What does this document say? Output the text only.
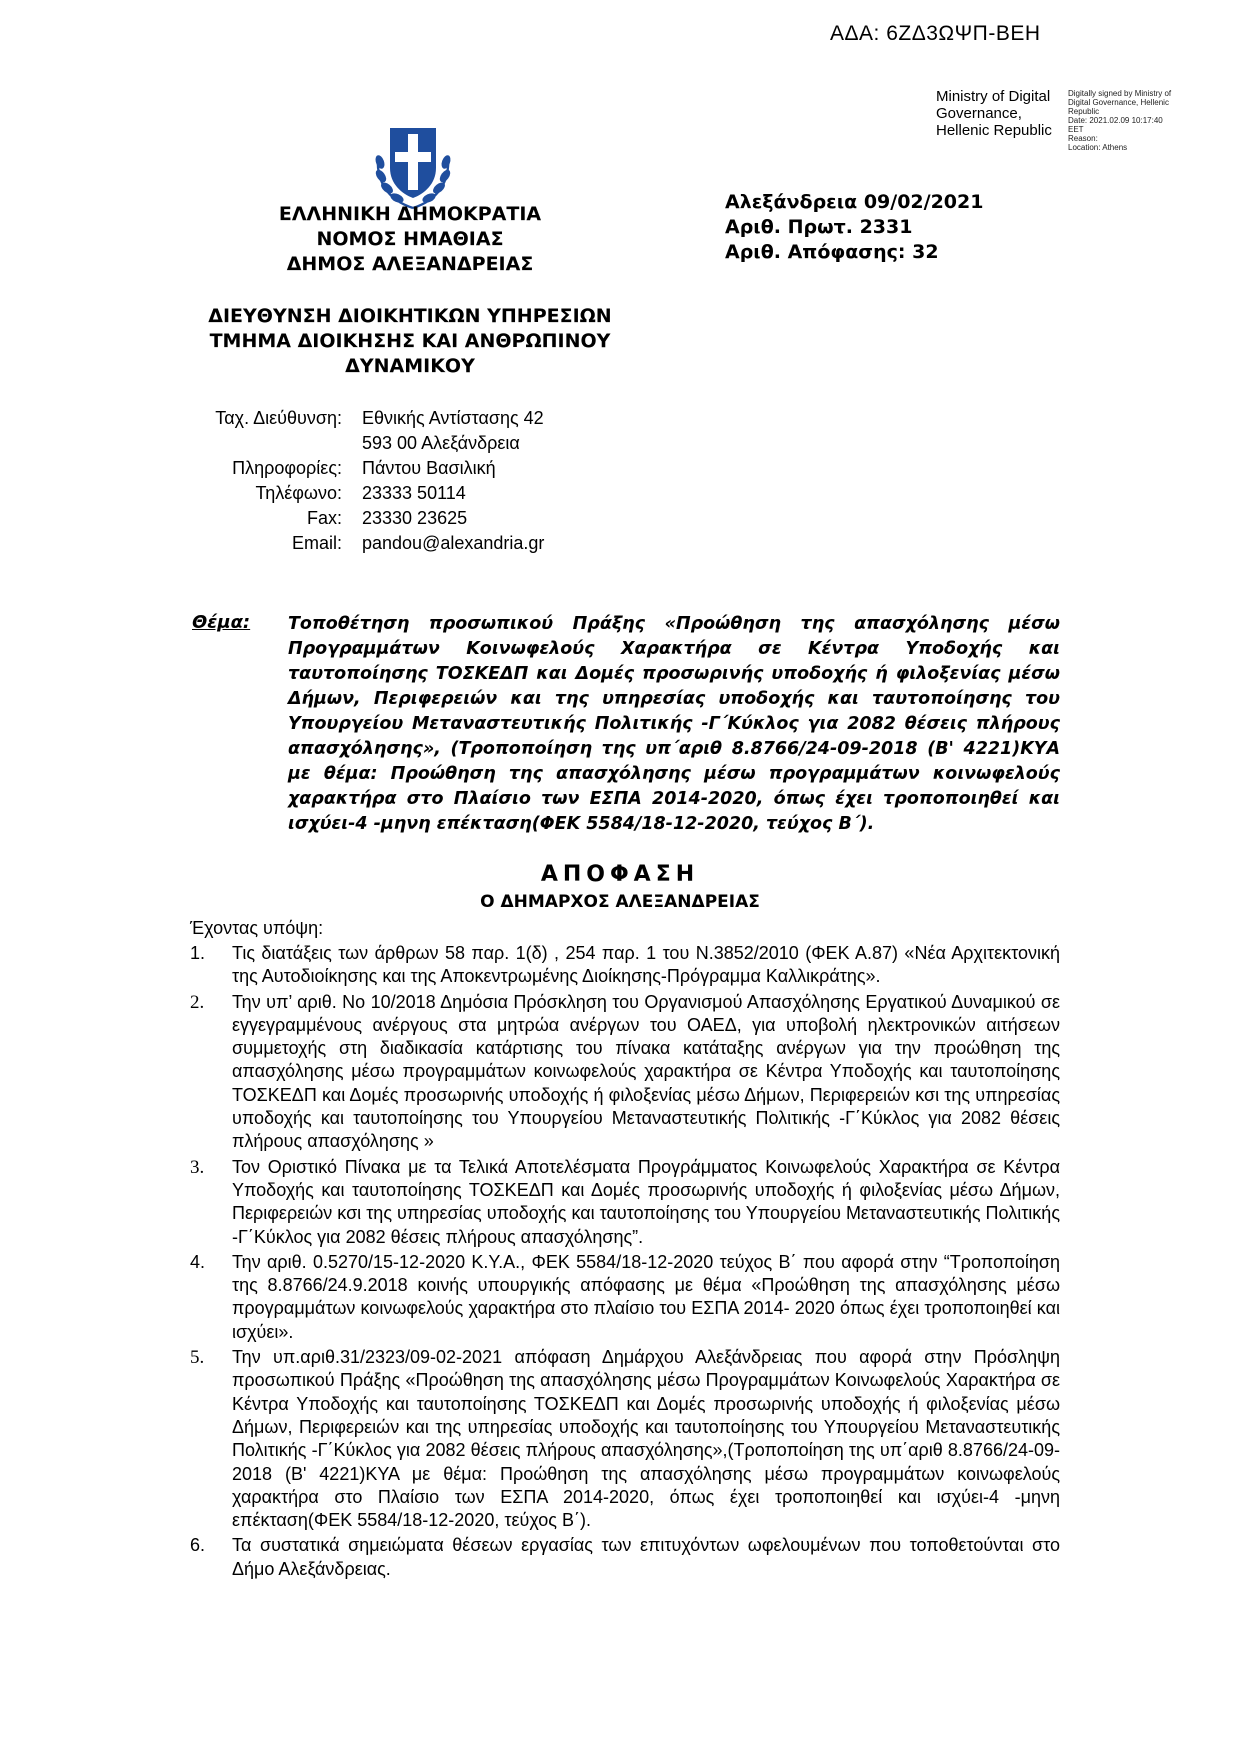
ΑΔΑ: 6ΖΔ3ΩΨΠ-ΒΕΗ
Ministry of Digital
Governance,
Hellenic Republic
Digitally signed by Ministry of
Digital Governance, Hellenic
Republic
Date: 2021.02.09 10:17:40
EET
Reason:
Location: Athens
ΕΛΛΗΝΙΚΗ ΔΗΜΟΚΡΑΤΙΑ
ΝΟΜΟΣ ΗΜΑΘΙΑΣ
ΔΗΜΟΣ ΑΛΕΞΑΝΔΡΕΙΑΣ
ΔΙΕΥΘΥΝΣΗ ΔΙΟΙΚΗΤΙΚΩΝ ΥΠΗΡΕΣΙΩΝ
ΤΜΗΜΑ ΔΙΟΙΚΗΣΗΣ ΚΑΙ ΑΝΘΡΩΠΙΝΟΥ
ΔΥΝΑΜΙΚΟΥ
Αλεξάνδρεια 09/02/2021
Αριθ. Πρωτ. 2331
Αριθ. Απόφασης: 32
Ταχ. Διεύθυνση:	Εθνικής Αντίστασης 42
593 00 Αλεξάνδρεια
Πληροφορίες:	Πάντου Βασιλική
Τηλέφωνο:	23333 50114
Fax:	23330 23625
Email:	pandou@alexandria.gr
Θέμα: Τοποθέτηση προσωπικού Πράξης «Προώθηση της απασχόλησης μέσω Προγραμμάτων Κοινωφελούς Χαρακτήρα σε Κέντρα Υποδοχής και ταυτοποίησης ΤΟΣΚΕΔΠ και Δομές προσωρινής υποδοχής ή φιλοξενίας μέσω Δήμων, Περιφερειών και της υπηρεσίας υποδοχής και ταυτοποίησης του Υπουργείου Μεταναστευτικής Πολιτικής -Γ΄Κύκλος για 2082 θέσεις πλήρους απασχόλησης», (Τροποποίηση της υπ΄αριθ 8.8766/24-09-2018 (Β' 4221)ΚΥΑ με θέμα: Προώθηση της απασχόλησης μέσω προγραμμάτων κοινωφελούς χαρακτήρα στο Πλαίσιο των ΕΣΠΑ 2014-2020, όπως έχει τροποποιηθεί και ισχύει-4 -μηνη επέκταση(ΦΕΚ 5584/18-12-2020, τεύχος Β΄).
ΑΠΟΦΑΣΗ
Ο ΔΗΜΑΡΧΟΣ ΑΛΕΞΑΝΔΡΕΙΑΣ
Έχοντας υπόψη:
1.	Τις διατάξεις των άρθρων 58 παρ. 1(δ) , 254 παρ. 1 του Ν.3852/2010 (ΦΕΚ Α.87) «Νέα Αρχιτεκτονική της Αυτοδιοίκησης και της Αποκεντρωμένης Διοίκησης-Πρόγραμμα Καλλικράτης».
2.	Την υπ’ αριθ. Νο 10/2018 Δημόσια Πρόσκληση του Οργανισμού Απασχόλησης Εργατικού Δυναμικού σε εγγεγραμμένους ανέργους στα μητρώα ανέργων του ΟΑΕΔ, για υποβολή ηλεκτρονικών αιτήσεων συμμετοχής στη διαδικασία κατάρτισης του πίνακα κατάταξης ανέργων για την προώθηση της απασχόλησης μέσω προγραμμάτων κοινωφελούς χαρακτήρα σε Κέντρα Υποδοχής και ταυτοποίησης ΤΟΣΚΕΔΠ και Δομές προσωρινής υποδοχής ή φιλοξενίας μέσω Δήμων, Περιφερειών κσι της υπηρεσίας υποδοχής και ταυτοποίησης του Υπουργείου Μεταναστευτικής Πολιτικής -Γ΄Κύκλος για 2082 θέσεις πλήρους απασχόλησης »
3.	Τον Οριστικό Πίνακα με τα Τελικά Αποτελέσματα Προγράμματος Κοινωφελούς Χαρακτήρα σε Κέντρα Υποδοχής και ταυτοποίησης ΤΟΣΚΕΔΠ και Δομές προσωρινής υποδοχής ή φιλοξενίας μέσω Δήμων, Περιφερειών κσι της υπηρεσίας υποδοχής και ταυτοποίησης του Υπουργείου Μεταναστευτικής Πολιτικής -Γ΄Κύκλος για 2082 θέσεις πλήρους απασχόλησης”.
4.	Την αριθ. 0.5270/15-12-2020 Κ.Υ.Α., ΦΕΚ 5584/18-12-2020 τεύχος Β΄ που αφορά στην “Τροποποίηση της 8.8766/24.9.2018 κοινής υπουργικής απόφασης με θέμα «Προώθηση της απασχόλησης μέσω προγραμμάτων κοινωφελούς χαρακτήρα στο πλαίσιο του ΕΣΠΑ 2014- 2020 όπως έχει τροποποιηθεί και ισχύει».
5.	Την υπ.αριθ.31/2323/09-02-2021 απόφαση Δημάρχου Αλεξάνδρειας που αφορά στην Πρόσληψη προσωπικού Πράξης «Προώθηση της απασχόλησης μέσω Προγραμμάτων Κοινωφελούς Χαρακτήρα σε Κέντρα Υποδοχής και ταυτοποίησης ΤΟΣΚΕΔΠ και Δομές προσωρινής υποδοχής ή φιλοξενίας μέσω Δήμων, Περιφερειών και της υπηρεσίας υποδοχής και ταυτοποίησης του Υπουργείου Μεταναστευτικής Πολιτικής -Γ΄Κύκλος για 2082 θέσεις πλήρους απασχόλησης»,(Τροποποίηση της υπ΄αριθ 8.8766/24-09-2018 (Β' 4221)ΚΥΑ με θέμα: Προώθηση της απασχόλησης μέσω προγραμμάτων κοινωφελούς χαρακτήρα στο Πλαίσιο των ΕΣΠΑ 2014-2020, όπως έχει τροποποιηθεί και ισχύει-4 -μηνη επέκταση(ΦΕΚ 5584/18-12-2020, τεύχος Β΄).
6.	Τα συστατικά σημειώματα θέσεων εργασίας των επιτυχόντων ωφελουμένων που τοποθετούνται στο Δήμο Αλεξάνδρειας.
